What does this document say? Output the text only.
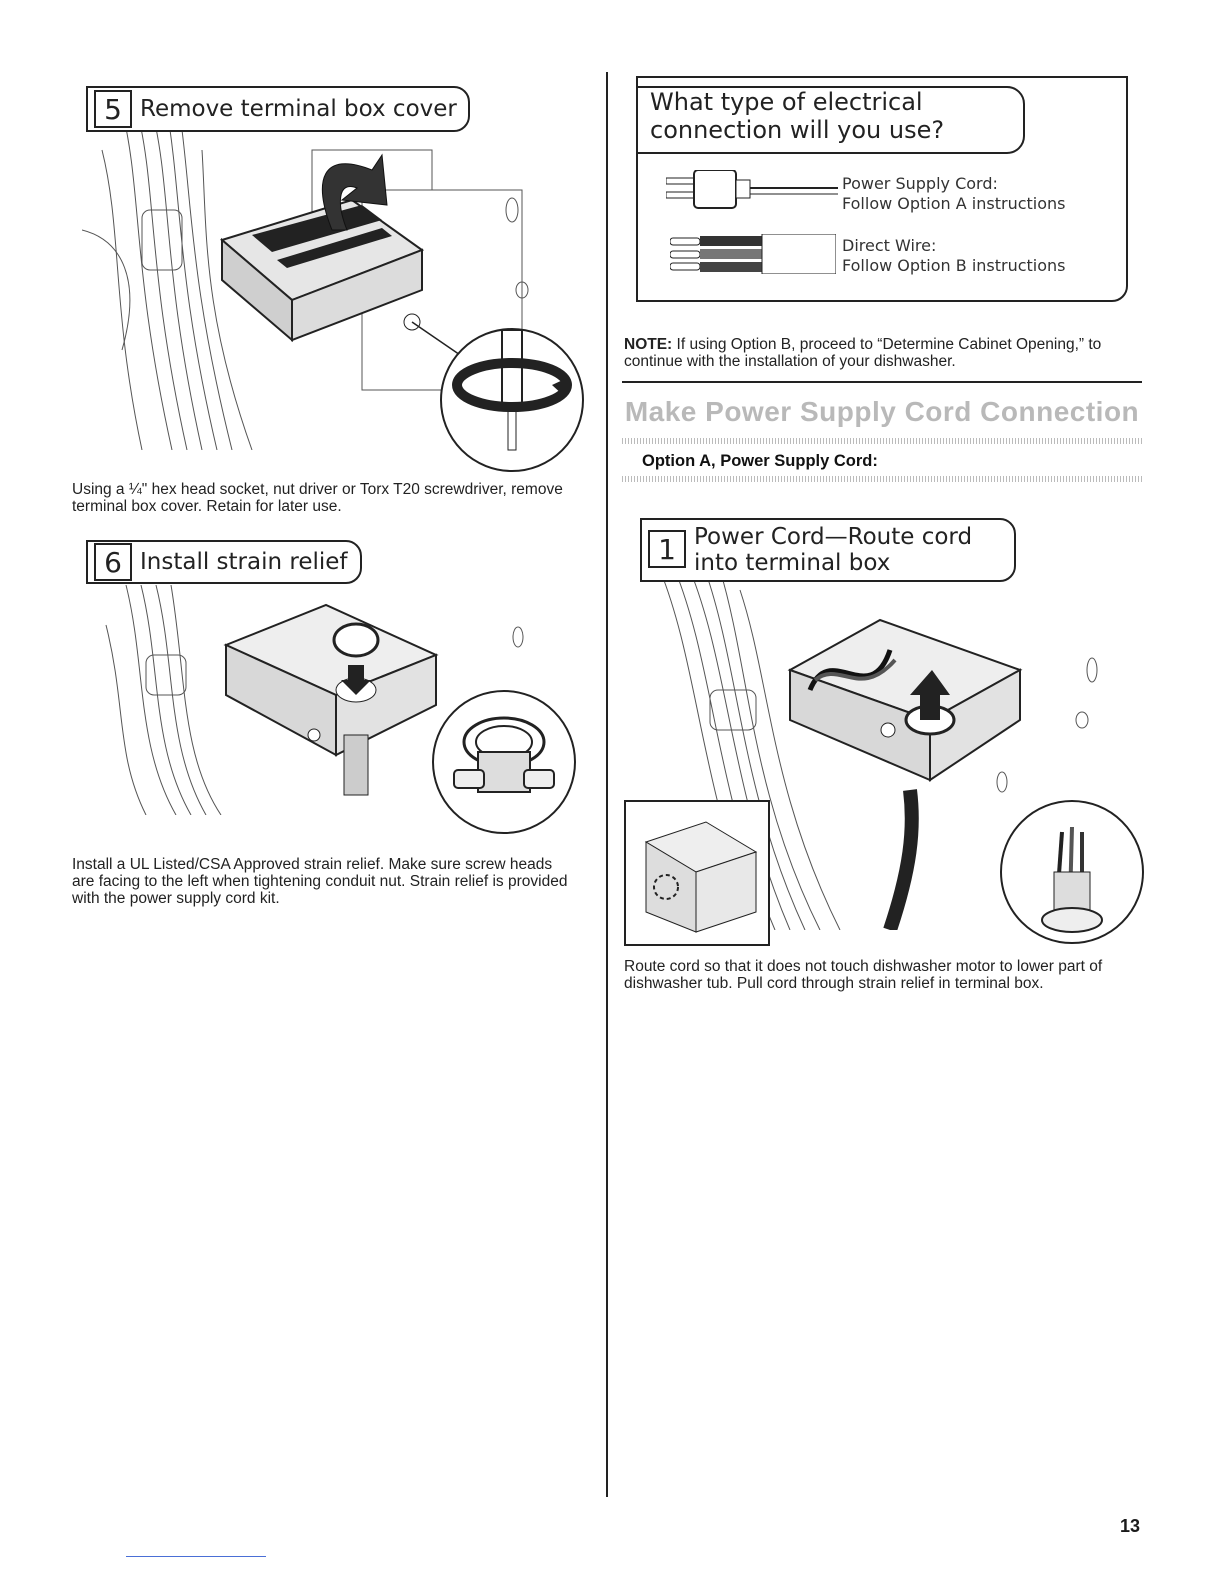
5 Remove terminal box cover
Using a ¼" hex head socket, nut driver or Torx T20 screwdriver, remove terminal box cover. Retain for later use.
6 Install strain relief
Install a UL Listed/CSA Approved strain relief. Make sure screw heads are facing to the left when tightening conduit nut. Strain relief is provided with the power supply cord kit.
What type of electrical
connection will you use?
Power Supply Cord:
Follow Option A instructions
Direct Wire:
Follow Option B instructions
NOTE: If using Option B, proceed to “Determine Cabinet Opening,” to continue with the installation of your dishwasher.
Make Power Supply Cord Connection
Option A, Power Supply Cord:
1 Power Cord—Route cord
into terminal box
Route cord so that it does not touch dishwasher motor to lower part of dishwasher tub. Pull cord through strain relief in terminal box.
13
